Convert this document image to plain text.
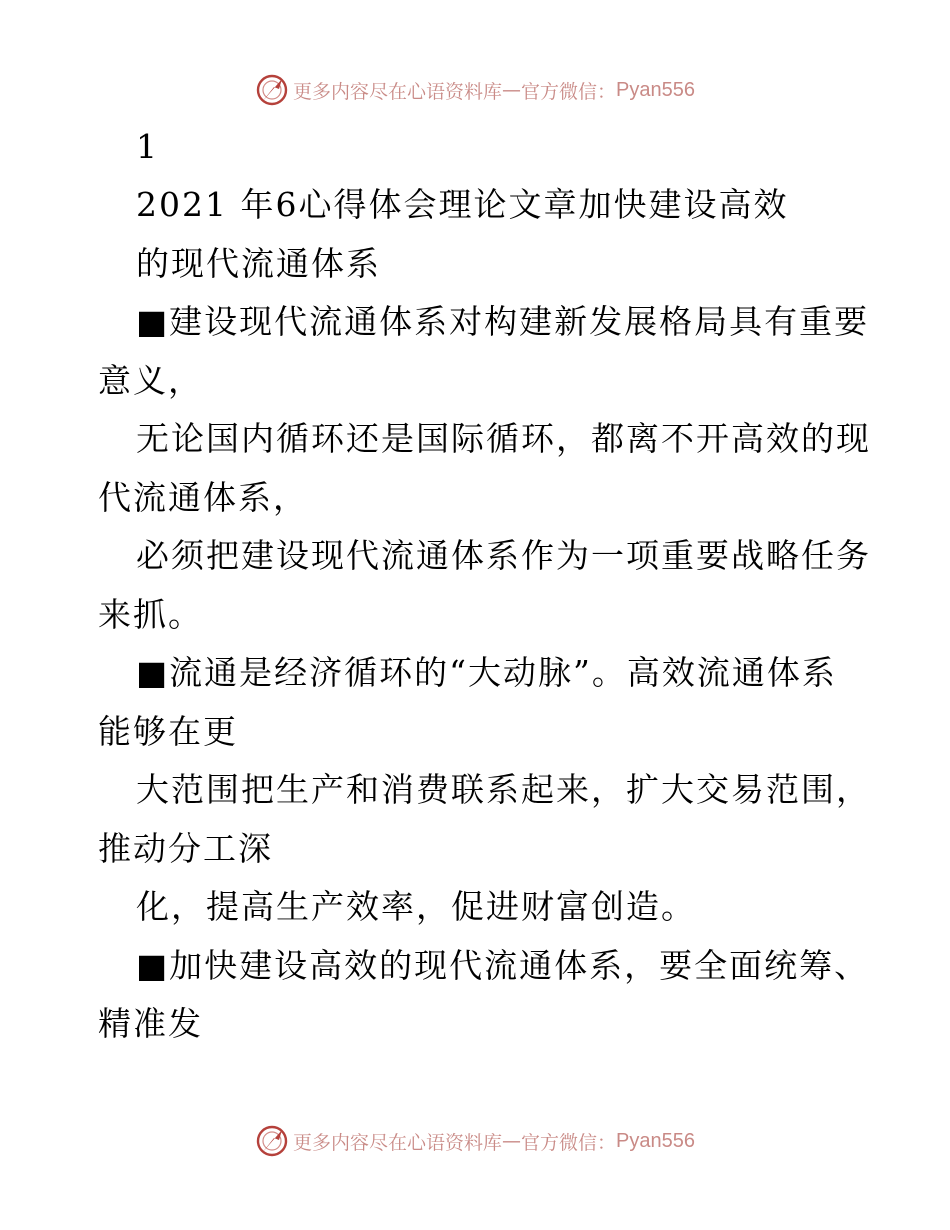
更多内容尽在心语资料库 — 官方微信： Pyan556
1
2021 年6心得体会理论文章加快建设高效
的现代流通体系
■建设现代流通体系对构建新发展格局具有重要
意义，
无论国内循环还是国际循环，都离不开高效的现
代流通体系，
必须把建设现代流通体系作为一项重要战略任务
来抓。
■流通是经济循环的“大动脉”。高效流通体系
能够在更
大范围把生产和消费联系起来，扩大交易范围，
推动分工深
化，提高生产效率，促进财富创造。
■加快建设高效的现代流通体系，要全面统筹、
精准发
更多内容尽在心语资料库 — 官方微信： Pyan556
